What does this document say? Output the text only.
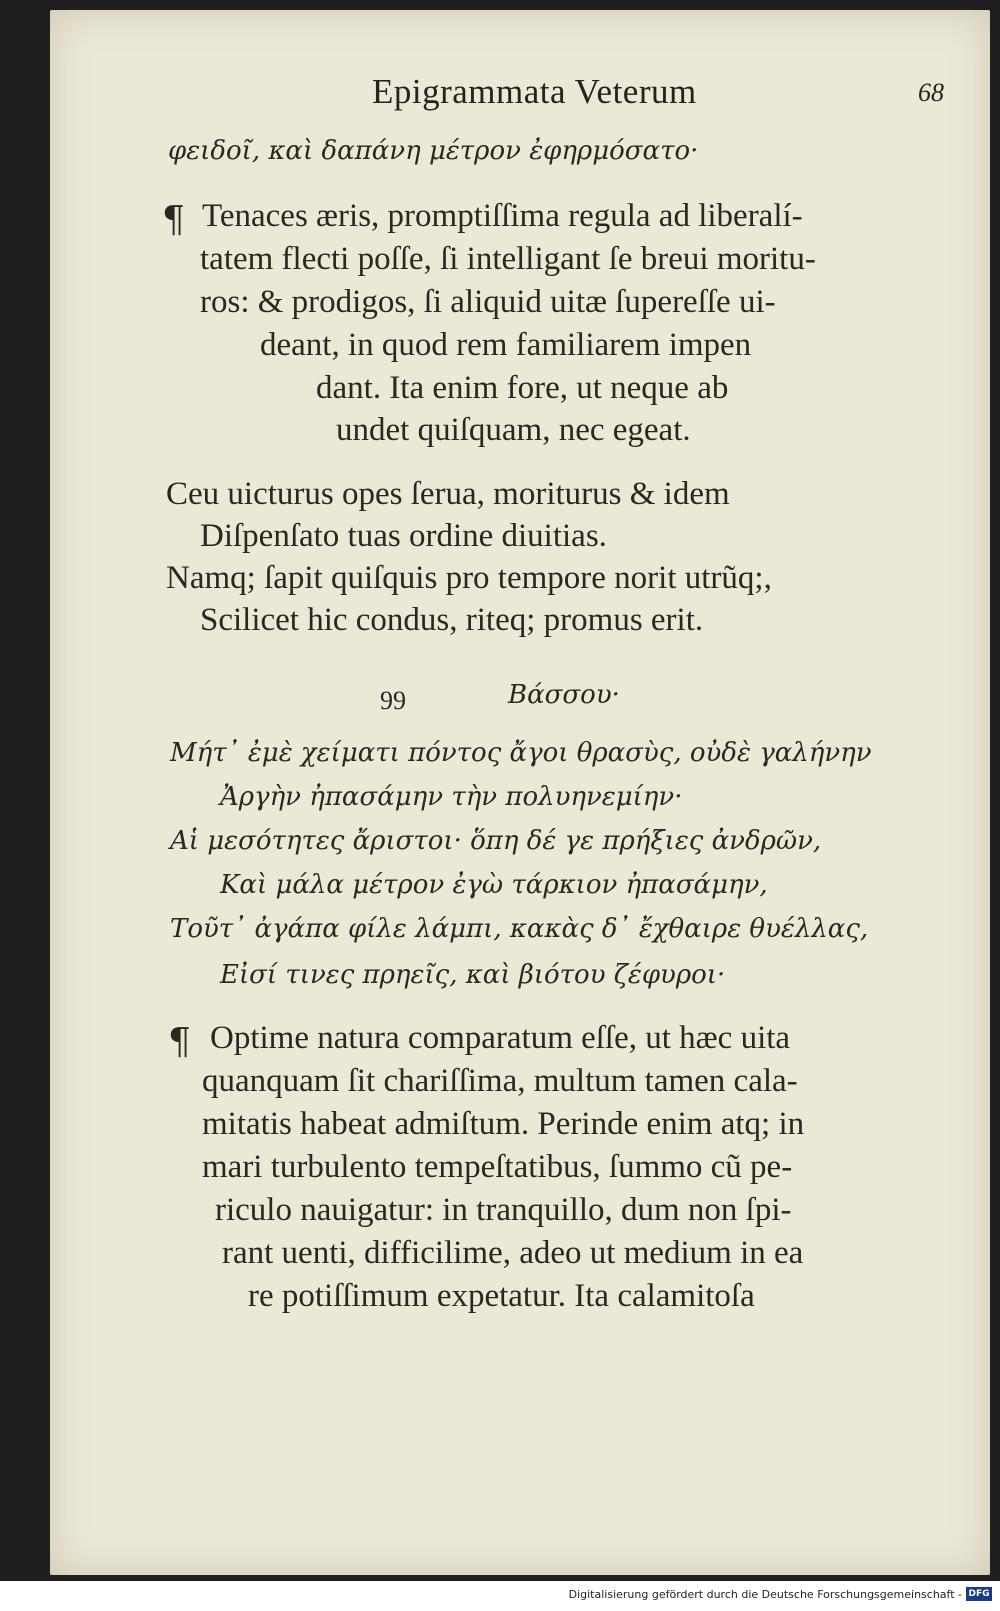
Epigrammata Veterum	68
φειδοῖ, καὶ δαπάνη μέτρον ἐφηρμόσατο·
¶ Tenaces æris, promptiſſima regula ad liberalí-
tatem flecti poſſe, ſi intelligant ſe breui moritu-
ros: & prodigos, ſi aliquid uitæ ſupereſſe ui-
deant, in quod rem familiarem impen
dant. Ita enim fore, ut neque ab
undet quiſquam, nec egeat.
Ceu uicturus opes ſerua, moriturus & idem
Diſpenſato tuas ordine diuitias.
Namq; ſapit quiſquis pro tempore norit utrũq;,
Scilicet hic condus, riteq; promus erit.
99	Βάσσου·
Μήτ᾽ ἐμὲ χείματι πόντος ἄγοι θρασὺς, οὐδὲ γαλήνην
Ἀργὴν ἠπασάμην τὴν πολυηνεμίην·
Αἱ μεσότητες ἄριστοι· ὅπη δέ γε πρήξιες ἀνδρῶν,
Καὶ μάλα μέτρον ἐγὼ τάρκιον ἠπασάμην,
Τοῦτ᾽ ἀγάπα φίλε λάμπι, κακὰς δ᾽ ἔχθαιρε θυέλλας,
Εἰσί τινες πρηεῖς, καὶ βιότου ζέφυροι·
¶ Optime natura comparatum eſſe, ut hæc uita
quanquam ſit chariſſima, multum tamen cala-
mitatis habeat admiſtum. Perinde enim atq; in
mari turbulento tempeſtatibus, ſummo cũ pe-
riculo nauigatur: in tranquillo, dum non ſpi-
rant uenti, difficilime, adeo ut medium in ea
re potiſſimum expetatur. Ita calamitoſa
Digitalisierung gefördert durch die Deutsche Forschungsgemeinschaft - DFG
